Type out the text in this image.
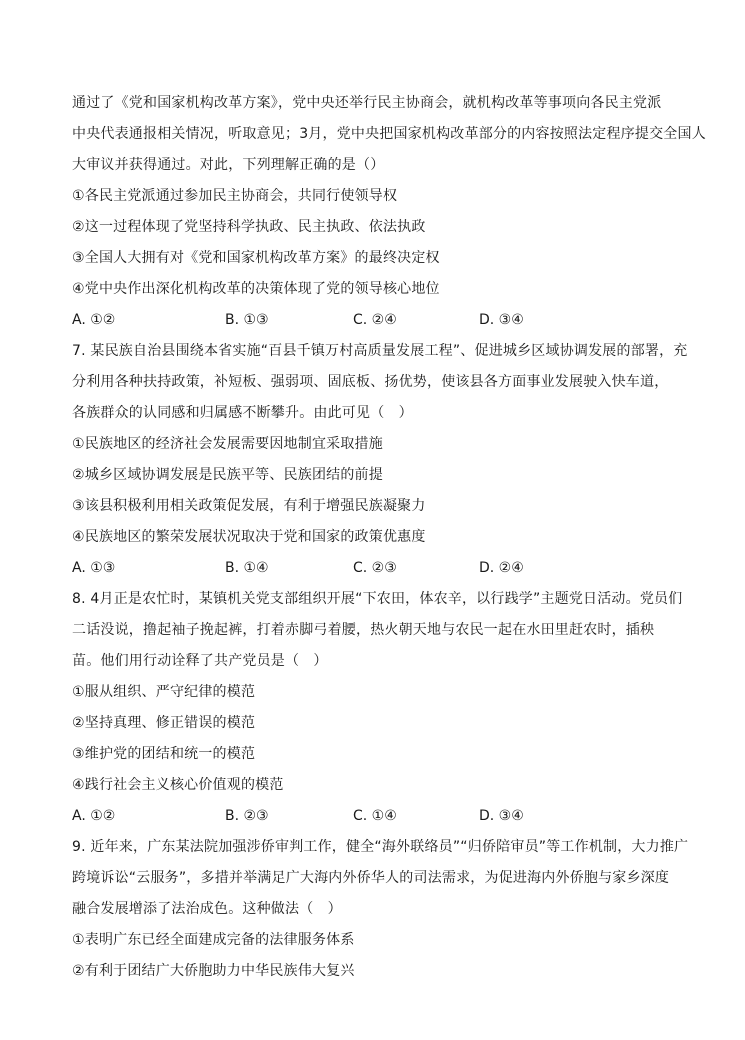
通过了《党和国家机构改革方案》，党中央还举行民主协商会，就机构改革等事项向各民主党派
中央代表通报相关情况，听取意见；3月，党中央把国家机构改革部分的内容按照法定程序提交全国人
大审议并获得通过。对此，下列理解正确的是（）
①各民主党派通过参加民主协商会，共同行使领导权
②这一过程体现了党坚持科学执政、民主执政、依法执政
③全国人大拥有对《党和国家机构改革方案》的最终决定权
④党中央作出深化机构改革的决策体现了党的领导核心地位
A. ①②	B. ①③	C. ②④	D. ③④
7. 某民族自治县围绕本省实施“百县千镇万村高质量发展工程”、促进城乡区域协调发展的部署，充
分利用各种扶持政策，补短板、强弱项、固底板、扬优势，使该县各方面事业发展驶入快车道，
各族群众的认同感和归属感不断攀升。由此可见（　）
①民族地区的经济社会发展需要因地制宜采取措施
②城乡区域协调发展是民族平等、民族团结的前提
③该县积极利用相关政策促发展，有利于增强民族凝聚力
④民族地区的繁荣发展状况取决于党和国家的政策优惠度
A. ①③	B. ①④	C. ②③	D. ②④
8. 4月正是农忙时，某镇机关党支部组织开展“下农田，体农辛，以行践学”主题党日活动。党员们
二话没说，撸起袖子挽起裤，打着赤脚弓着腰，热火朝天地与农民一起在水田里赶农时，插秧
苗。他们用行动诠释了共产党员是（　）
①服从组织、严守纪律的模范
②坚持真理、修正错误的模范
③维护党的团结和统一的模范
④践行社会主义核心价值观的模范
A. ①②	B. ②③	C. ①④	D. ③④
9. 近年来，广东某法院加强涉侨审判工作，健全“海外联络员”“归侨陪审员”等工作机制，大力推广
跨境诉讼“云服务”，多措并举满足广大海内外侨华人的司法需求，为促进海内外侨胞与家乡深度
融合发展增添了法治成色。这种做法（　）
①表明广东已经全面建成完备的法律服务体系
②有利于团结广大侨胞助力中华民族伟大复兴
